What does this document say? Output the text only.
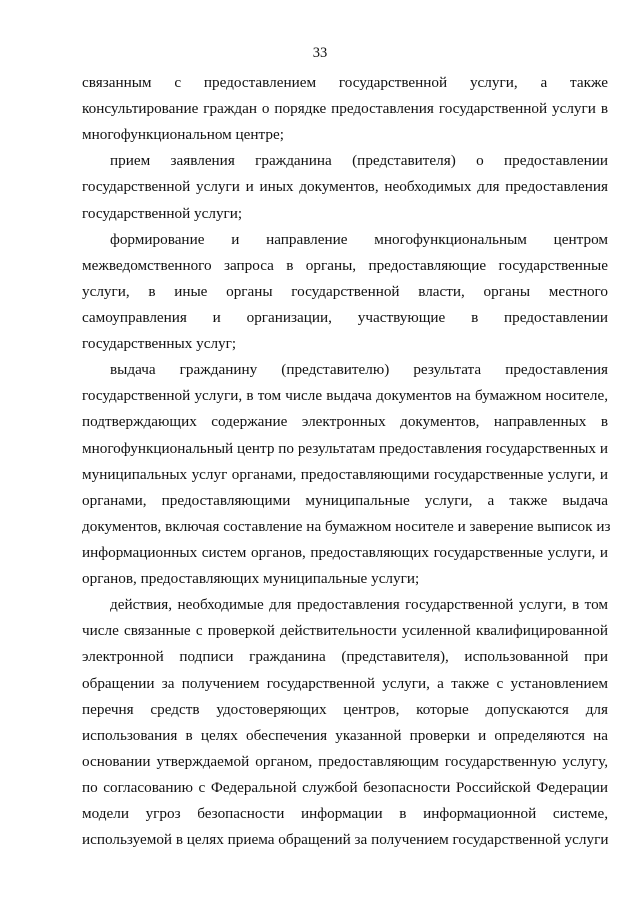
33
связанным с предоставлением государственной услуги, а также
консультирование граждан о порядке предоставления государственной услуги в
многофункциональном центре;
прием заявления гражданина (представителя) о предоставлении
государственной услуги и иных документов, необходимых для предоставления
государственной услуги;
формирование и направление многофункциональным центром
межведомственного запроса в органы, предоставляющие государственные
услуги, в иные органы государственной власти, органы местного
самоуправления и организации, участвующие в предоставлении
государственных услуг;
выдача гражданину (представителю) результата предоставления
государственной услуги, в том числе выдача документов на бумажном носителе,
подтверждающих содержание электронных документов, направленных в
многофункциональный центр по результатам предоставления государственных и
муниципальных услуг органами, предоставляющими государственные услуги, и
органами, предоставляющими муниципальные услуги, а также выдача
документов, включая составление на бумажном носителе и заверение выписок из
информационных систем органов, предоставляющих государственные услуги, и
органов, предоставляющих муниципальные услуги;
действия, необходимые для предоставления государственной услуги, в том
числе связанные с проверкой действительности усиленной квалифицированной
электронной подписи гражданина (представителя), использованной при
обращении за получением государственной услуги, а также с установлением
перечня средств удостоверяющих центров, которые допускаются для
использования в целях обеспечения указанной проверки и определяются на
основании утверждаемой органом, предоставляющим государственную услугу,
по согласованию с Федеральной службой безопасности Российской Федерации
модели угроз безопасности информации в информационной системе,
используемой в целях приема обращений за получением государственной услуги
